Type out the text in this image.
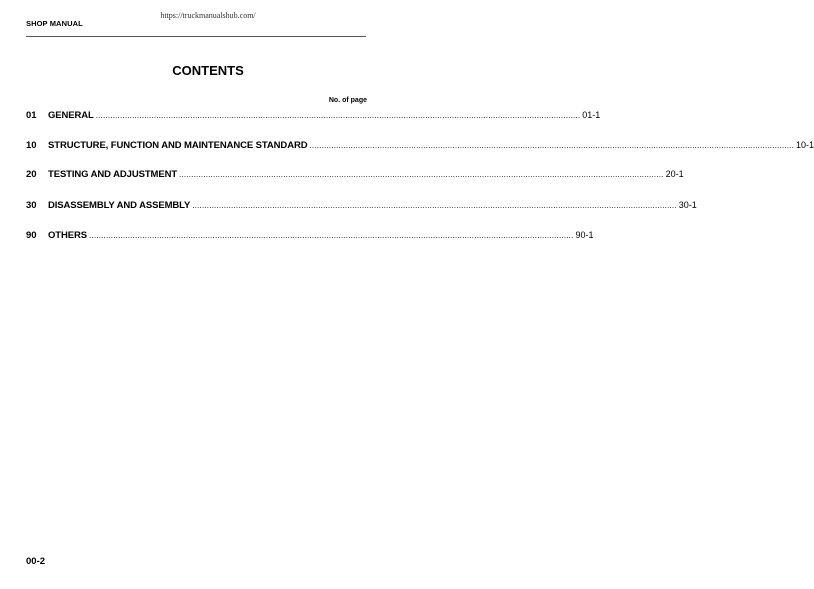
https://truckmanualshub.com/
SHOP MANUAL
CONTENTS
No. of page
01	GENERAL ........................................................................................................................................................................................................ 01-1
10	STRUCTURE, FUNCTION AND MAINTENANCE STANDARD ........................................................................................................................................................................................................ 10-1
20	TESTING AND ADJUSTMENT ........................................................................................................................................................................................................ 20-1
30	DISASSEMBLY AND ASSEMBLY ........................................................................................................................................................................................................ 30-1
90	OTHERS ........................................................................................................................................................................................................ 90-1
00-2
